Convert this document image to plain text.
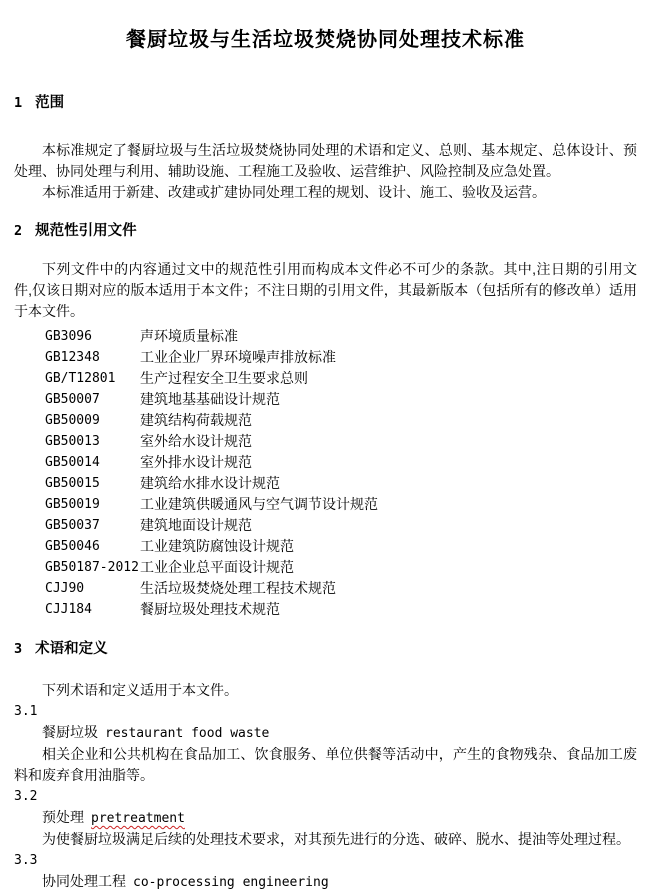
餐厨垃圾与生活垃圾焚烧协同处理技术标准
1 范围

本标准规定了餐厨垃圾与生活垃圾焚烧协同处理的术语和定义、总则、基本规定、总体设计、预处理、协同处理与利用、辅助设施、工程施工及验收、运营维护、风险控制及应急处置。

本标准适用于新建、改建或扩建协同处理工程的规划、设计、施工、验收及运营。

2 规范性引用文件

下列文件中的内容通过文中的规范性引用而构成本文件必不可少的条款。其中,注日期的引用文件,仅该日期对应的版本适用于本文件；不注日期的引用文件，其最新版本（包括所有的修改单）适用于本文件。

GB3096	声环境质量标准
GB12348	工业企业厂界环境噪声排放标准
GB/T12801	生产过程安全卫生要求总则
GB50007	建筑地基基础设计规范
GB50009	建筑结构荷载规范
GB50013	室外给水设计规范
GB50014	室外排水设计规范
GB50015	建筑给水排水设计规范
GB50019	工业建筑供暖通风与空气调节设计规范
GB50037	建筑地面设计规范
GB50046	工业建筑防腐蚀设计规范
GB50187-2012 工业企业总平面设计规范
CJJ90	生活垃圾焚烧处理工程技术规范
CJJ184	餐厨垃圾处理技术规范
3 术语和定义

下列术语和定义适用于本文件。

3.1
餐厨垃圾 restaurant food waste

相关企业和公共机构在食品加工、饮食服务、单位供餐等活动中，产生的食物残杂、食品加工废料和废弃食用油脂等。

3.2
预处理 pretreatment

为使餐厨垃圾满足后续的处理技术要求，对其预先进行的分选、破碎、脱水、提油等处理过程。

3.3
协同处理工程 co-processing engineering
